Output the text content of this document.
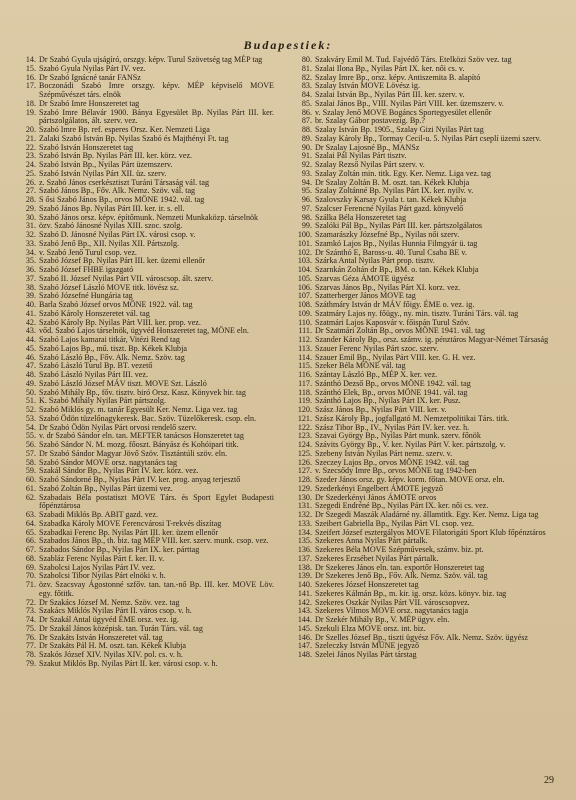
Budapestiek:
14. Dr Szabó Gyula ujságíró, orszgy. képv. Turul Szövetség tag MÉP tag
15. Szabó Gyula Nyilas Párt IV. vez.
16. Dr Szabó Ignácné tanár FANSz
17. Boczonádi Szabó Imre orszgy. képv. MÉP képviselő MOVE Szépművészet társ. elnök
18. Dr Szabó Imre Honszeretet tag
19. Szabó Imre Bélavár 1900. Bánya Egyesület Bp. Nyilas Párt III. ker. pártszolgálatos, ált. szerv. vez.
20. Szabó Imre Bp. ref. esperes Orsz. Ker. Nemzeti Liga
21. Zalaki Szabó István Bp. Nyilas Szabó és Majthényi Ft. tag
22. Szabó István Honszeretet tag
23. Szabó István Bp. Nyilas Párt III. ker. körz. vez.
24. Szabó István Bp., Nyilas Párt üzemszerv.
25. Szabó István Nyilas Párt XII. üz. szerv.
26. z. Szabó János cserkésztiszt Turáni Társaság vál. tag
27. Szabó János Bp., Főv. Alk. Nemz. Szöv. vál. tag
28. S ősi Szabó János Bp., orvos MÖNE 1942. vál. tag
29. Szabó János Bp. Nyilas Párt III. ker. ir. s. ell.
30. Szabó János orsz. képv. építőmunk. Nemzeti Munkaközp. társelnök
31. özv. Szabó Jánosné Nyilas XIII. szoc. szolg.
32. Szabó D. Jánosné Nyilas Párt IX. városi csop. v.
33. Szabó Jenő Bp., XII. Nyilas XII. Pártszolg.
34. v. Szabó Jenő Turul csop. vez.
35. Szabó József Bp. Nyilas Párt III. ker. üzemi ellenőr
36. Szabó József FHBE igazgató
37. Szabó II. József Nyilas Párt VII. városcsop. ált. szerv.
38. Szabó József László MOVE titk. lövész sz.
39. Szabó Józsefné Hungária tag
40. Barla Szabó József orvos MÖNE 1922. vál. tag
41. Szabó Károly Honszeretet vál. tag
42. Szabó Károly Bp. Nyilas Párt VIII. ker. prop. vez.
43. vőd. Szabó Lajos társelnök, ügyvéd Honszeretet tag, MÖNE eln.
44. Szabó Lajos kamarai titkár, Vitézi Rend tag
45. Szabó Lajos Bp., mű. tiszt. Bp. Kékek Klubja
46. Szabó László Bp., Főv. Alk. Nemz. Szöv. tag
47. Szabó László Turul Bp. BT. vezető
48. Szabó László Nyilas Párt III. vez.
49. Szabó László József MÁV tiszt. MOVE Szt. László
50. Szabó Mihály Bp., főv. tisztv. biró Orsz. Kasz. Könyvek bir. tag
51. K. Szabó Mihály Nyilas Párt pártszolg.
52. Szabó Miklós gy. m. tanár Egyesült Ker. Nemz. Liga vez. tag
53. Szabó Ödön tüzelőnagykeresk. Bac. Szöv. Tüzelőkeresk. csop. eln.
54. Dr Szabó Ödön Nyilas Párt orvosi rendelő szerv.
55. v. dr Szabó Sándor eln. tan. MEFTER tanácsos Honszeretet tag
56. Szabó Sándor N. M. mozg. főoszt. Bányász és Kohóipari titk.
57. Dr Szabó Sándor Magyar Jövő Szöv. Tisztántúli szöv. eln.
58. Szabó Sándor MOVE orsz. nagytanács tag
59. Szakál Sándor Bp., Nyilas Párt IV. ker. körz. vez.
60. Szabó Sándorné Bp., Nyilas Párt IV. ker. prog. anyag terjesztő
61. Szabó Zoltán Bp., Nyilas Párt üzemi vez.
62. Szabadais Béla postatiszt MOVE Társ. és Sport Egylet Budapesti főpénztárosa
63. Szabadi Miklós Bp. ABIT gazd. vez.
64. Szabadka Károly MOVE Ferencvárosi T-rekvés díszítag
65. Szabadkai Ferenc Bp. Nyilas Párt III. ker. üzem ellenőr
66. Szabados János Bp., th. biz. tag MÉP VIII. ker. szerv. munk. csop. vez.
67. Szabados Sándor Bp., Nyilas Párt IX. ker. párttag
68. Szabláz Ferenc Nyilas Párt f. ker. II. v.
69. Szabolcsi Lajos Nyilas Párt IV. vez.
70. Szabolcsi Tibor Nyilas Párt elnöki v. h.
71. özv. Szacsvay Ágostonné szfőv. tan. tan.-nő Bp. III. ker. MOVE Löv. egy. főtitk.
72. Dr Szakács József M. Nemz. Szöv. vez. tag
73. Szakács Miklós Nyilas Párt II. város csop. v. h.
74. Dr Szakál Antal ügyvéd ÉME orsz. vez. ig.
75. Dr Szakál János középisk. tan. Turán Társ. vál. tag
76. Dr Szakáts István Honszeretet vál. tag
77. Dr Szakáts Pál H. M. oszt. tan. Kékek Klubja
78. Szakós József XIV. Nyilas XIV. pol. cs. v. h.
79. Szakut Miklós Bp. Nyilas Párt II. ker. városi csop. v. h.
80. Szakváry Emil M. Tud. Fajvédő Társ. Etelközi Szöv vez. tag
81. Szalai Ilona Bp., Nyilas Párt IX. ker. női cs. v.
82. Szalay Imre Bp., orsz. képv. Antiszemita B. alapító
83. Szalay István MOVE Lövész ig.
84. Szalai István Bp., Nyilas Párt III. ker. szerv. v.
85. Szalai János Bp., VIII. Nyilas Párt VIII. ker. üzemszerv. v.
86. v. Szalay Jenő MOVE Bogáncs Sportegyesület ellenőr
87. br. Szalay Gábor postavezig. Bp.?
88. Szalay István Bp. 1905., Szalay Gizi Nyilas Párt tag
89. Szalay Károly Bp., Tormay Cecil-u. 5. Nyilas Párt cseplí üzemi szerv.
90. Dr Szalay Lajosné Bp., MANSz
91. Szalai Pál Nyilas Párt tisztv.
92. Szalay Rezső Nyilas Párt szerv. v.
93. Szalay Zoltán min. titk. Egy. Ker. Nemz. Liga vez. tag
94. Dr Szalay Zoltán B. M. oszt. tan. Kékek Klubja
95. Szalay Zoltánné Bp. Nyilas Párt IX. ker. nyilv. v.
96. Szalovszky Karsay Gyula t. tan. Kékek Klubja
97. Szalcser Ferencné Nyilas Párt gazd. könyvelő
98. Szálka Béla Honszeretet tag
99. Szalóki Pál Bp., Nyilas Párt III. ker. pártszolgálatos
100. Szamarászky Józsefné Bp., Nyilas női szerv.
101. Szamkó Lajos Bp., Nyilas Hunnia Filmgyár ü. tag
102. Dr Szánthó E, Baross-u. 40. Turul Csaba BE v.
103. Szárka Antal Nyilas Párt prop. tisztv.
104. Szarnkán Zoltán dr Bp., BM. o. tan. Kékek Klubja
105. Szarvas Géza ÁMOTE ügyész
106. Szarvas János Bp., Nyilas Párt XI. korz. vez.
107. Szatterberger János MOVE tag
108. Száthmáry István dr MÁV főigy. ÉME o. vez. ig.
109. Szatmáry Lajos ny. főügy., ny. min. tisztv. Turáni Társ. vál. tag
110. Szatmári Lajos Kaposvár v. főispán Turul Szöv.
111. Dr Szatmári Zoltán Bp., orvos MÖNE 1941. vál. tag
112. Szander Károly Bp., orsz. számv. ig. pénztáros Magyar-Német Társaság
113. Szauer Ferenc Nyilas Párt szoc. szerv.
114. Szauer Emil Bp., Nyilas Párt VIII. ker. G. H. vez.
115. Szeker Béla MÖNE vál. tag
116. Szántay László Bp., MÉP X. ker. vez.
117. Szánthó Dezső Bp., orvos MÖNE 1942. vál. tag
118. Szánthó Elek, Bp., orvos MÖNE 1941. vál. tag
119. Szánthó Lajos Bp., Nyilas Párt IX. ker. Pusz.
120. Szász János Bp., Nyilas Párt VIII. ker. v.
121. Szász Károly Bp., jogfallgató M. Nemzetpolitikai Társ. titk.
122. Szász Tibor Bp., IV., Nyilas Párt IV. ker. vez. h.
123. Szavai György Bp., Nyilas Párt munk. szerv. főnök
124. Szávits György Bp., V. ker. Nyilas Párt V. ker. pártszolg. v.
125. Szebeny István Nyilas Párt nemz. szerv. v.
126. Szeczey Lajos Bp., orvos MÖNE 1942. vál. tag
127. v. Szecsődy Imre Bp., orvos MÖNE tag 1942-ben
128. Szeder János orsz. gy. képv. korm. főtan. MOVE orsz. eln.
129. Szederkényi Engelbert ÁMOTE jegyző
130. Dr Szederkényi János ÁMOTE orvos
131. Szegedi Endréné Bp., Nyilas Párt IX. ker. női cs. vez.
132. Dr Szegedi Maszák Aladárné ny. államtitk. Egy. Ker. Nemz. Liga tag
133. Szeibert Gabriella Bp., Nyilas Párt VI. csop. vez.
134. Szeifert József esztergályos MOVE Filatorigáti Sport Klub főpénztáros
135. Szekeres Anna Nyilas Párt pártalk.
136. Szekeres Béla MOVE Szépművesek, számv. biz. pt.
137. Szekeres Erzsébet Nyilas Párt pártalk.
138. Dr Szekeres János eln. tan. exportőr Honszeretet tag
139. Dr Szekeres Jenő Bp., Főv. Alk. Nemz. Szöv. vál. tag
140. Szekeres József Honszeretet tag
141. Szekeres Kálmán Bp., m. kir. ig. orsz. közs. könyv. biz. tag
142. Szekeres Oszkár Nyilas Párt VII. városcsopvez.
143. Szekeres Vilmos MOVE orsz. nagytanács tagja
144. Dr Szekér Mihály Bp., V. MÉP ügyv. eln.
145. Szekuli Elza MOVE orsz. int. biz.
146. Dr Szelles József Bp., tiszti ügyész Főv. Alk. Nemz. Szöv. ügyész
147. Szeleczky István MÜNE jegyző
148. Szelei János Nyilas Párt társtag
29
